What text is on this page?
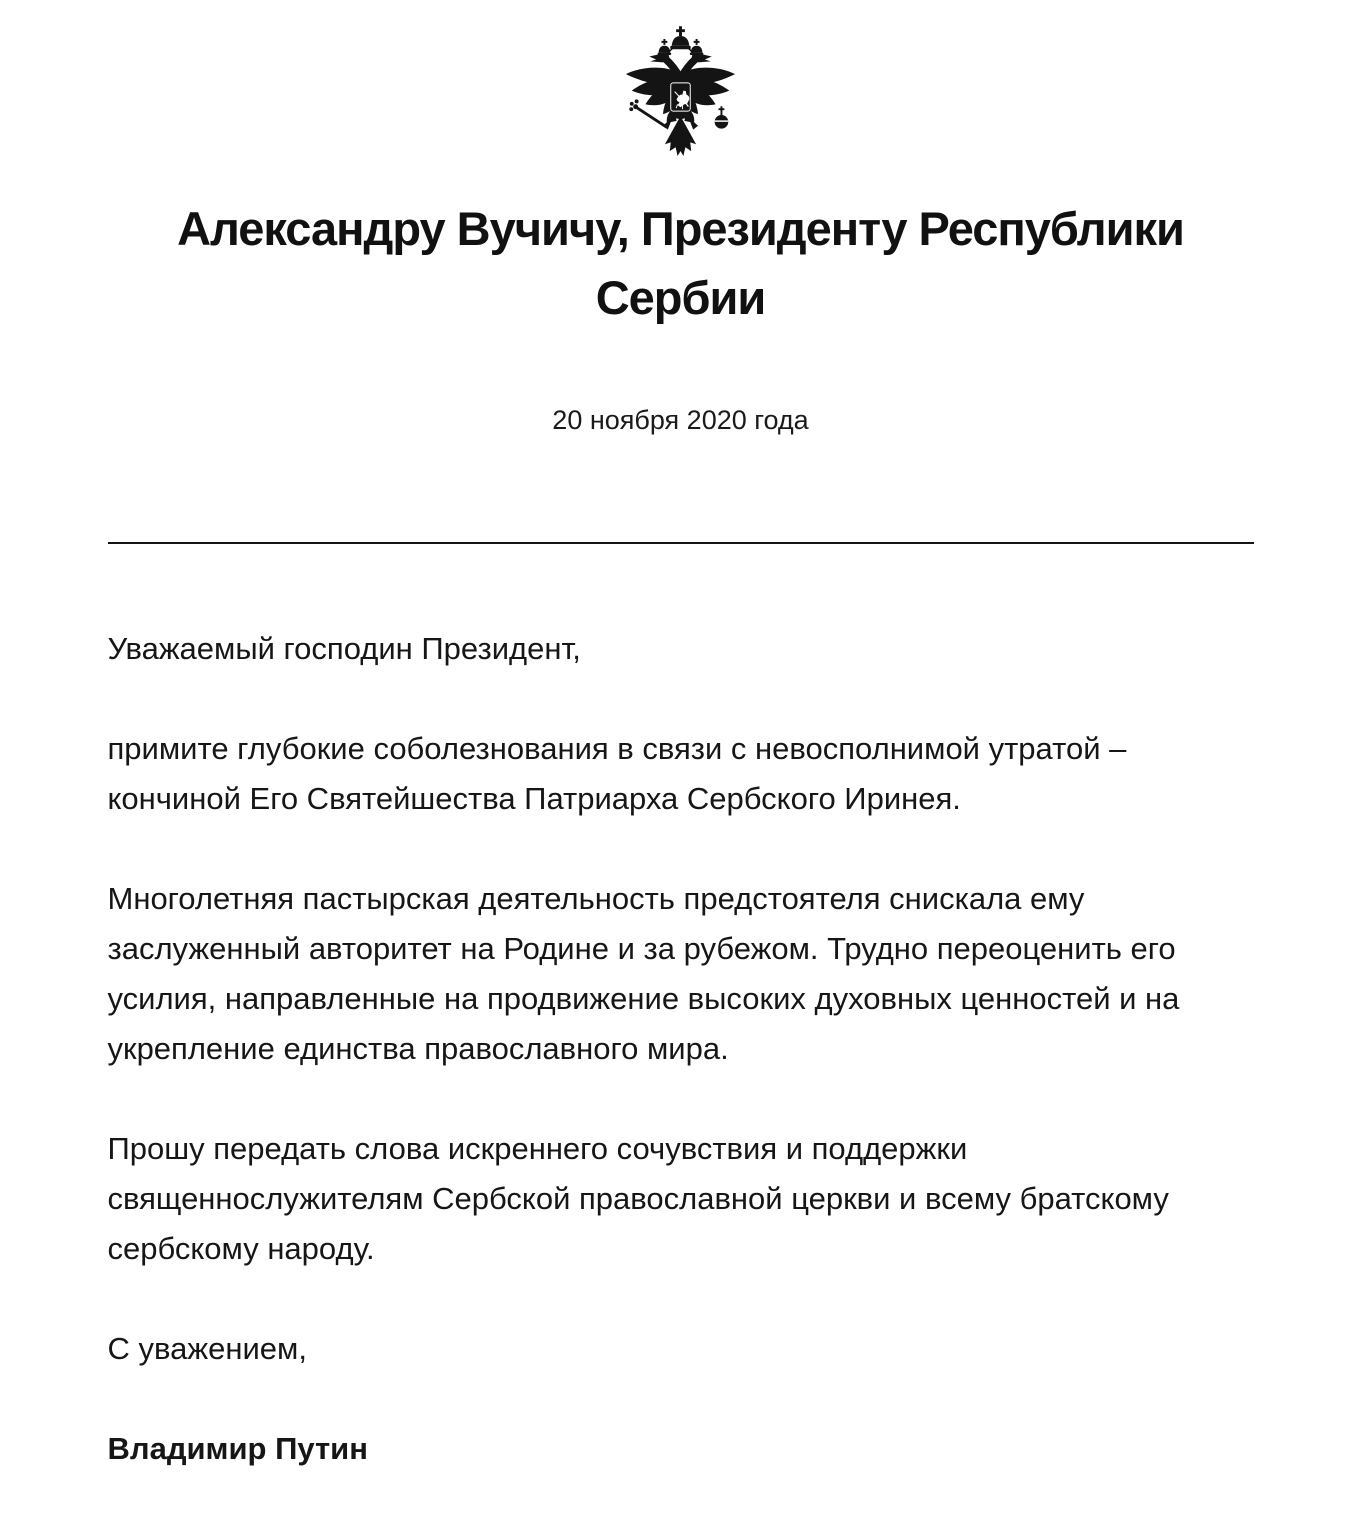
Александру Вучичу, Президенту Республики Сербии
20 ноября 2020 года

Уважаемый господин Президент,

примите глубокие соболезнования в связи с невосполнимой утратой – кончиной Его Святейшества Патриарха Сербского Иринея.

Многолетняя пастырская деятельность предстоятеля снискала ему заслуженный авторитет на Родине и за рубежом. Трудно переоценить его усилия, направленные на продвижение высоких духовных ценностей и на укрепление единства православного мира.

Прошу передать слова искреннего сочувствия и поддержки священнослужителям Сербской православной церкви и всему братскому сербскому народу.

С уважением,

Владимир Путин
